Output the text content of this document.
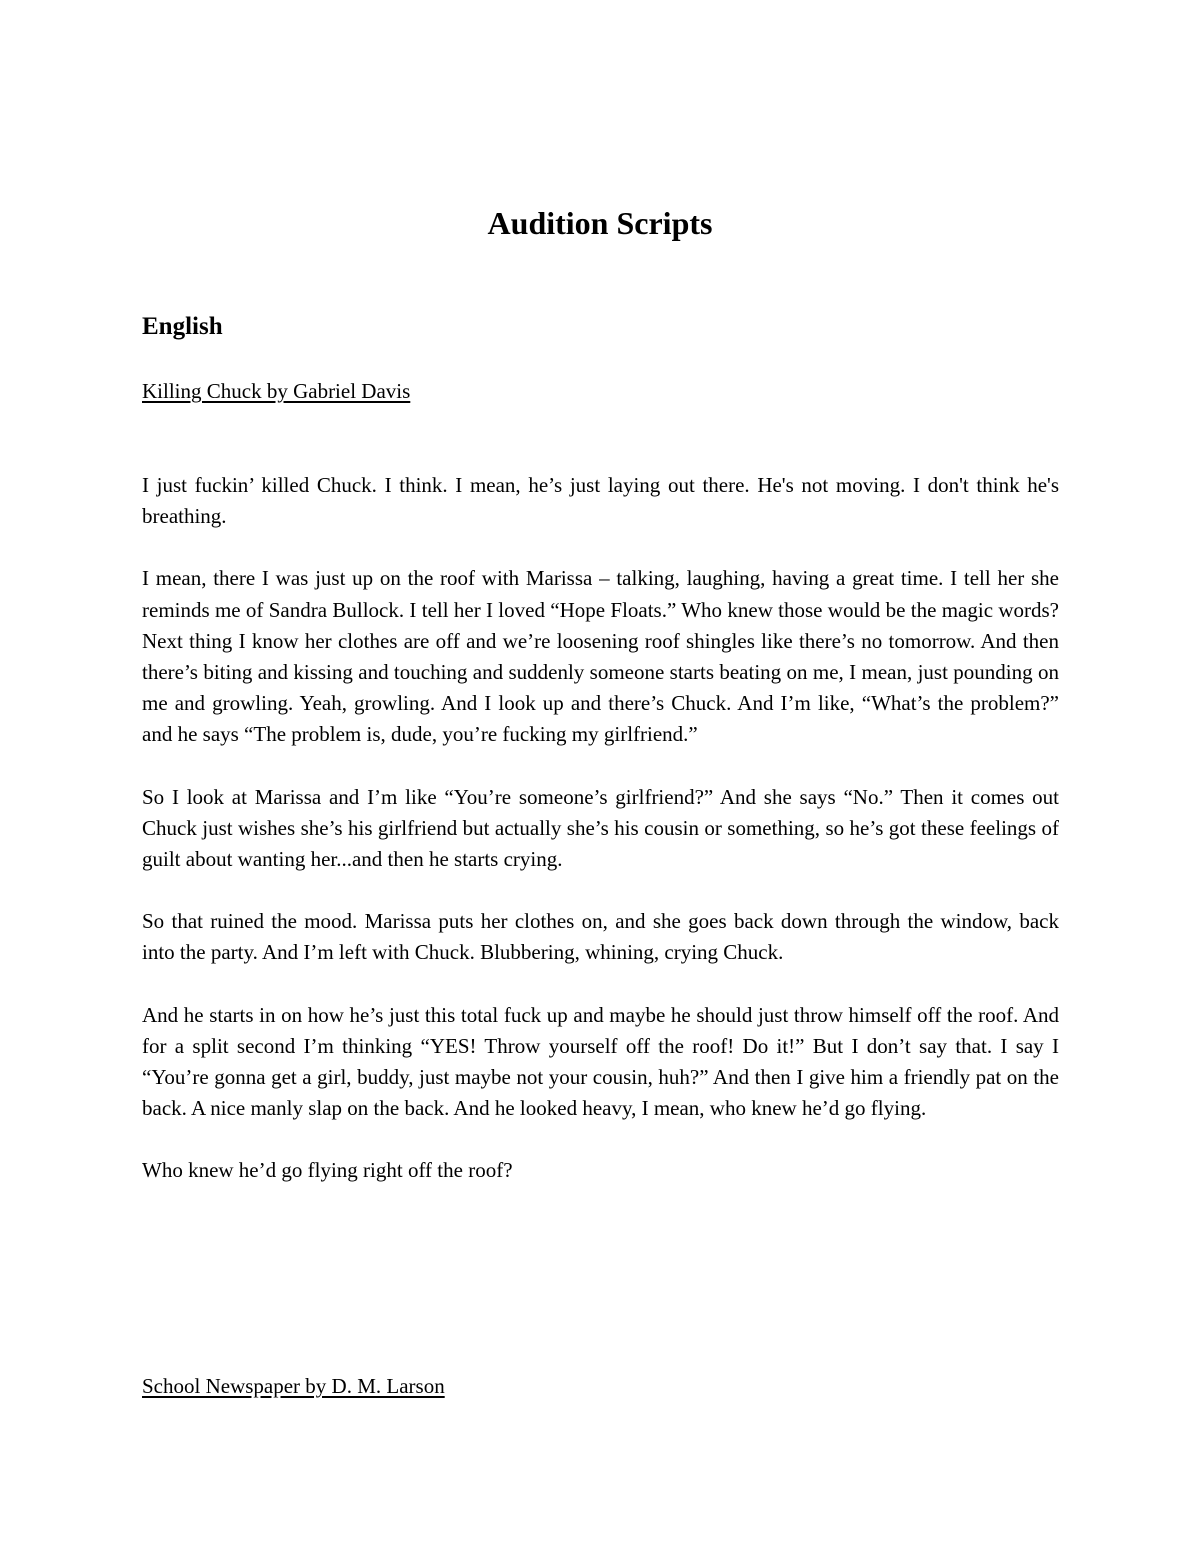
Audition Scripts
English

Killing Chuck by Gabriel Davis

I just fuckin’ killed Chuck. I think. I mean, he’s just laying out there. He's not moving. I don't think he's breathing.

I mean, there I was just up on the roof with Marissa – talking, laughing, having a great time. I tell her she reminds me of Sandra Bullock. I tell her I loved “Hope Floats.” Who knew those would be the magic words? Next thing I know her clothes are off and we’re loosening roof shingles like there’s no tomorrow. And then there’s biting and kissing and touching and suddenly someone starts beating on me, I mean, just pounding on me and growling. Yeah, growling. And I look up and there’s Chuck. And I’m like, “What’s the problem?” and he says “The problem is, dude, you’re fucking my girlfriend.”

So I look at Marissa and I’m like “You’re someone’s girlfriend?” And she says “No.” Then it comes out Chuck just wishes she’s his girlfriend but actually she’s his cousin or something, so he’s got these feelings of guilt about wanting her...and then he starts crying.

So that ruined the mood. Marissa puts her clothes on, and she goes back down through the window, back into the party. And I’m left with Chuck. Blubbering, whining, crying Chuck.

And he starts in on how he’s just this total fuck up and maybe he should just throw himself off the roof. And for a split second I’m thinking “YES! Throw yourself off the roof! Do it!” But I don’t say that. I say I “You’re gonna get a girl, buddy, just maybe not your cousin, huh?” And then I give him a friendly pat on the back. A nice manly slap on the back. And he looked heavy, I mean, who knew he’d go flying.

Who knew he’d go flying right off the roof?

School Newspaper by D. M. Larson
